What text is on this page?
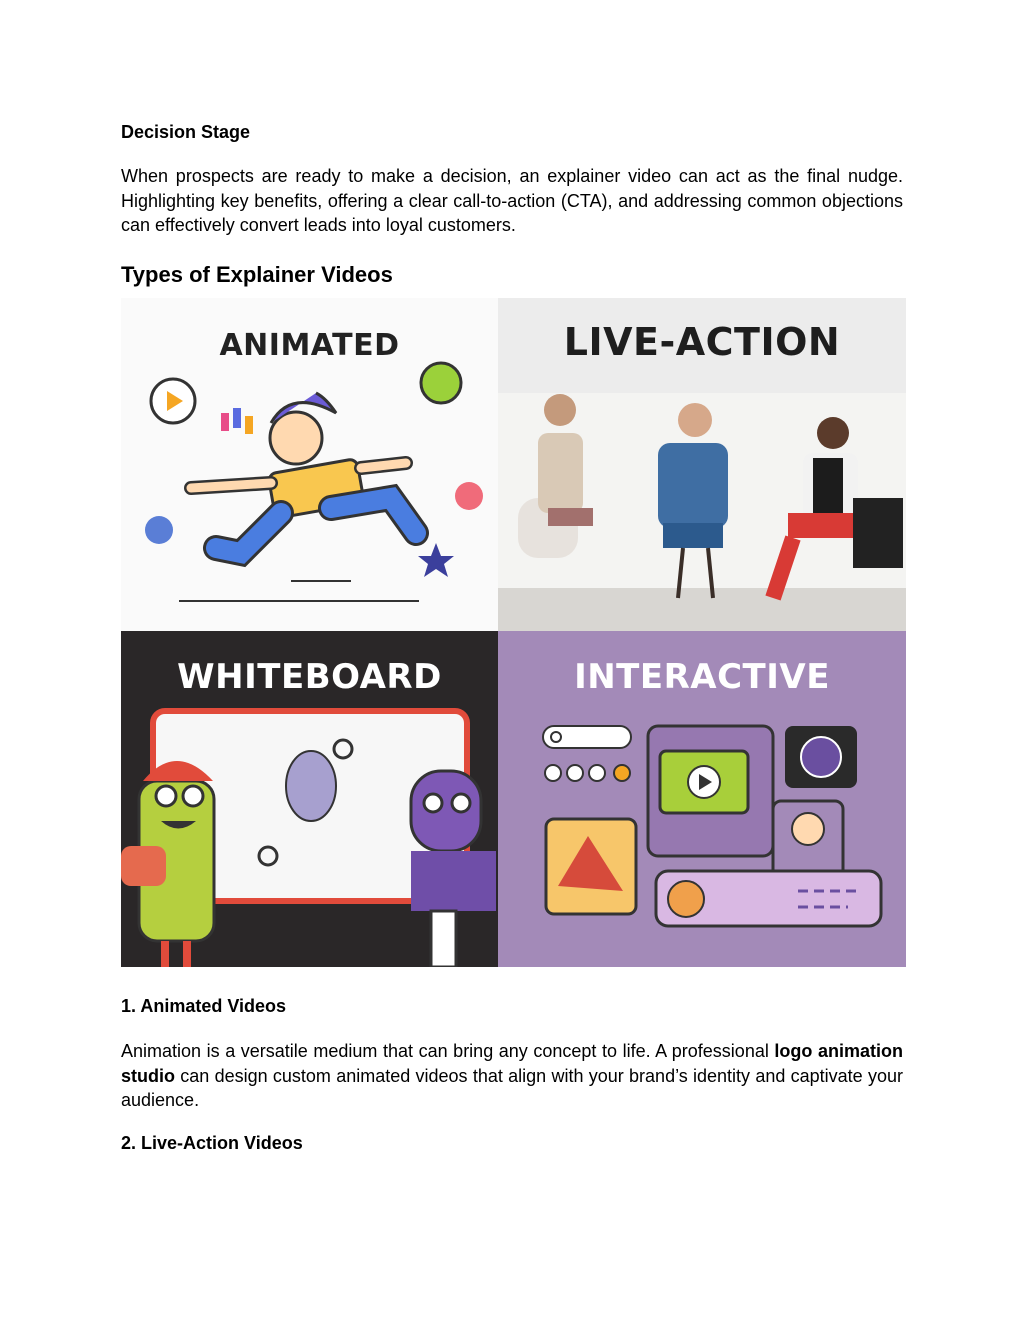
Decision Stage

When prospects are ready to make a decision, an explainer video can act as the final nudge. Highlighting key benefits, offering a clear call-to-action (CTA), and addressing common objections can effectively convert leads into loyal customers.

Types of Explainer Videos
ANIMATED	LIVE-ACTION
WHITEBOARD	INTERACTIVE
1. Animated Videos

Animation is a versatile medium that can bring any concept to life. A professional logo animation studio can design custom animated videos that align with your brand’s identity and captivate your audience.

2. Live-Action Videos
